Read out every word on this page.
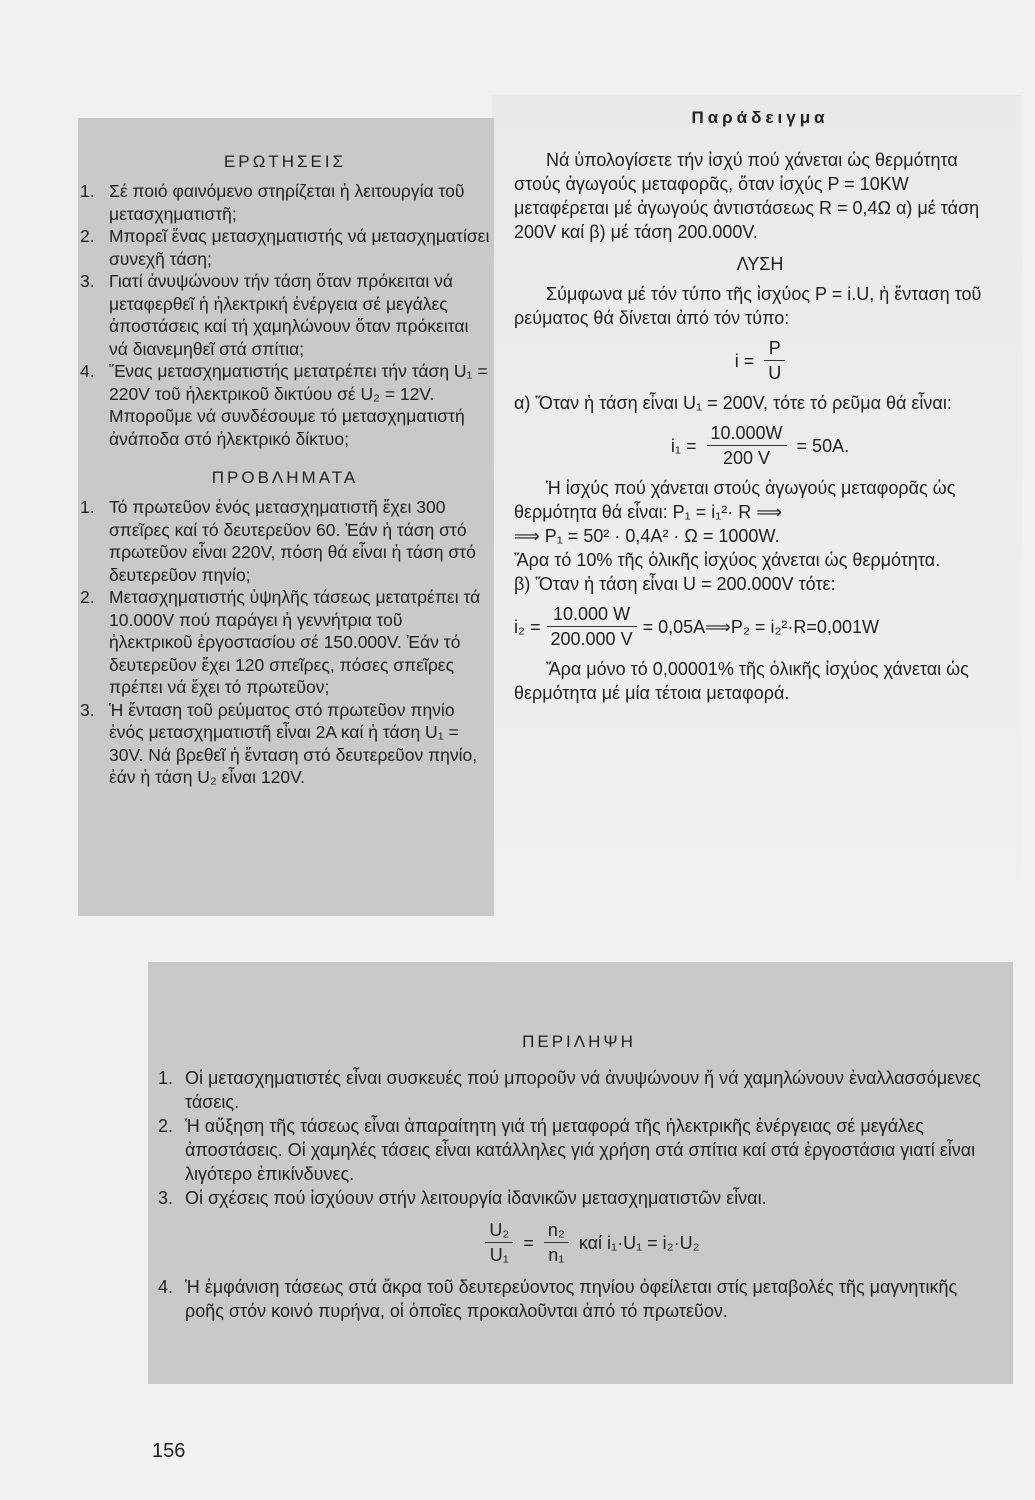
ΕΡΩΤΗΣΕΙΣ

1. Σέ ποιό φαινόμενο στηρίζεται ἡ λειτουργία τοῦ μετασχηματιστῆ;
2. Μπορεῖ ἕνας μετασχηματιστής νά μετασχηματίσει συνεχῆ τάση;
3. Γιατί ἀνυψώνουν τήν τάση ὅταν πρόκειται νά μεταφερθεῖ ἡ ἠλεκτρική ἐνέργεια σέ μεγάλες ἀποστάσεις καί τή χαμηλώνουν ὅταν πρόκειται νά διανεμηθεῖ στά σπίτια;
4. Ἕνας μετασχηματιστής μετατρέπει τήν τάση U₁ = 220V τοῦ ἠλεκτρικοῦ δικτύου σέ U₂ = 12V. Μποροῦμε νά συνδέσουμε τό μετασχηματιστή ἀνάποδα στό ἠλεκτρικό δίκτυο;

ΠΡΟΒΛΗΜΑΤΑ

1. Τό πρωτεῦον ἑνός μετασχηματιστῆ ἔχει 300 σπεῖρες καί τό δευτερεῦον 60. Ἐάν ἡ τάση στό πρωτεῦον εἶναι 220V, πόση θά εἶναι ἡ τάση στό δευτερεῦον πηνίο;
2. Μετασχηματιστής ὑψηλῆς τάσεως μετατρέπει τά 10.000V πού παράγει ἡ γεννήτρια τοῦ ἠλεκτρικοῦ ἐργοστασίου σέ 150.000V. Ἐάν τό δευτερεῦον ἔχει 120 σπεῖρες, πόσες σπεῖρες πρέπει νά ἔχει τό πρωτεῦον;
3. Ἡ ἔνταση τοῦ ρεύματος στό πρωτεῦον πηνίο ἑνός μετασχηματιστῆ εἶναι 2Α καί ἡ τάση U₁ = 30V. Νά βρεθεῖ ἡ ἔνταση στό δευτερεῦον πηνίο, ἐάν ἡ τάση U₂ εἶναι 120V.

Παράδειγμα

Νά ὑπολογίσετε τήν ἰσχύ πού χάνεται ὡς θερμότητα στούς ἀγωγούς μεταφορᾶς, ὅταν ἰσχύς P = 10KW μεταφέρεται μέ ἀγωγούς ἀντιστάσεως R = 0,4Ω α) μέ τάση 200V καί β) μέ τάση 200.000V.

ΛΥΣΗ

Σύμφωνα μέ τόν τύπο τῆς ἰσχύος P = i.U, ἡ ἔνταση τοῦ ρεύματος θά δίνεται ἀπό τόν τύπο:

$i = \frac{P}{U}$

α) Ὅταν ἡ τάση εἶναι U₁ = 200V, τότε τό ρεῦμα θά εἶναι:

$i_1 = \frac{10.000W}{200 V} = 50A$.

Ἡ ἰσχύς πού χάνεται στούς ἀγωγούς μεταφορᾶς ὡς θερμότητα θά εἶναι: P₁ = i₁²· R ⟹

⟹ P₁ = 50² · 0,4A² · Ω = 1000W.

Ἄρα τό 10% τῆς ὁλικῆς ἰσχύος χάνεται ὡς θερμότητα.

β) Ὅταν ἡ τάση εἶναι U = 200.000V τότε:

$i_2 = \frac{10.000 W}{200.000 V}$ = 0,05A⟹P₂ = i₂²·R=0,001W

Ἄρα μόνο τό 0,00001% τῆς ὁλικῆς ἰσχύος χάνεται ὡς θερμότητα μέ μία τέτοια μεταφορά.

ΠΕΡΙΛΗΨΗ

1. Οἱ μετασχηματιστές εἶναι συσκευές πού μποροῦν νά ἀνυψώνουν ἤ νά χαμηλώνουν ἐναλλασσόμενες τάσεις.
2. Ἡ αὔξηση τῆς τάσεως εἶναι ἀπαραίτητη γιά τή μεταφορά τῆς ἠλεκτρικῆς ἐνέργειας σέ μεγάλες ἀποστάσεις. Οἱ χαμηλές τάσεις εἶναι κατάλληλες γιά χρήση στά σπίτια καί στά ἐργοστάσια γιατί εἶναι λιγότερο ἐπικίνδυνες.
3. Οἱ σχέσεις πού ἰσχύουν στήν λειτουργία ἰδανικῶν μετασχηματιστῶν εἶναι.
$\frac{\text{U₂}}{\text{U₁}} = \frac{\text{n₂}}{\text{n₁}}$ καί i₁·U₁ = i₂·U₂
4. Ἡ ἐμφάνιση τάσεως στά ἄκρα τοῦ δευτερεύοντος πηνίου ὀφείλεται στίς μεταβολές τῆς μαγνητικῆς ροῆς στόν κοινό πυρήνα, οἱ ὁποῖες προκαλοῦνται ἀπό τό πρωτεῦον.
156
